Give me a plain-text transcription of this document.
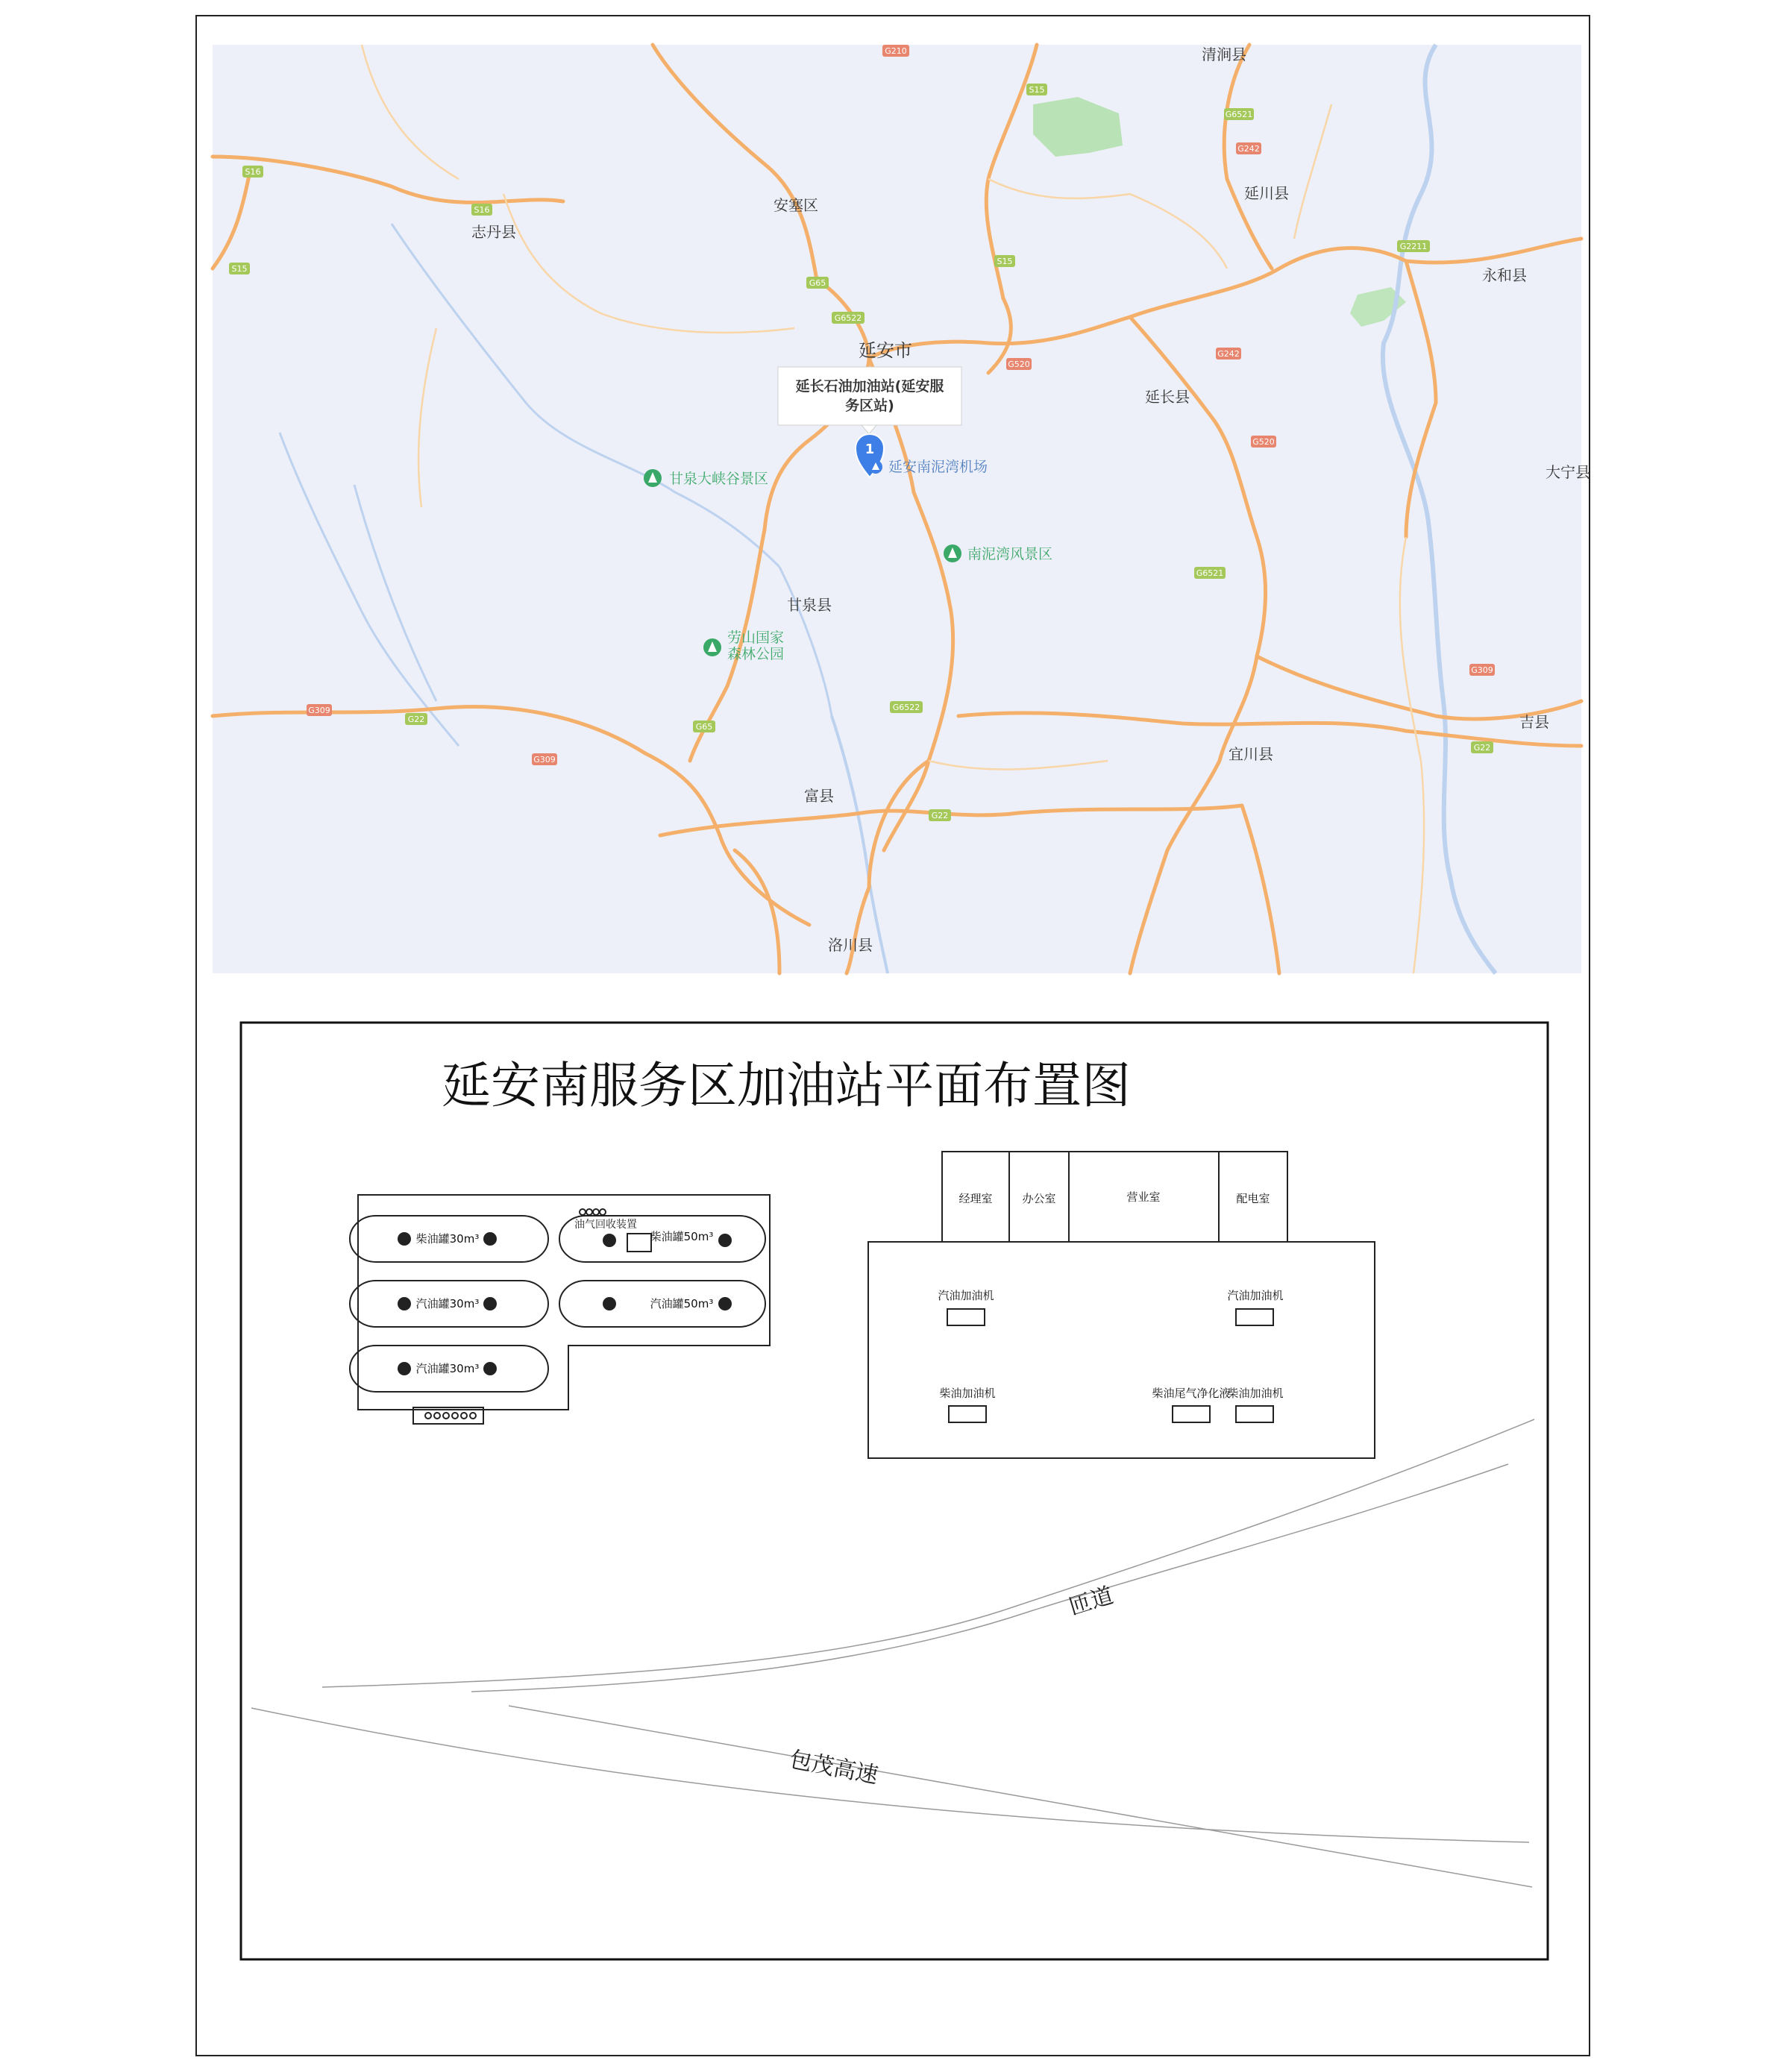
清涧县
安塞区
志丹县
延川县
永和县
延安市
延长县
大宁县
甘泉县
宜川县
吉县
富县
洛川县
G210
S15
G6521
G242
S16
S16
S15
G2211
S15
G65
G6522
G520
G242
G520
G6521
G309
G22
G65
G6522
G309
G309
G22
G22
甘泉大峡谷景区
南泥湾风景区
劳山国家
森林公园
延安南泥湾机场
延长石油加油站(延安服
务区站)
1
延安南服务区加油站平面布置图
油气回收装置
柴油罐30m³	柴油罐50m³
汽油罐30m³	汽油罐50m³
汽油罐30m³
经理室	办公室	营业室	配电室
汽油加油机	汽油加油机
柴油加油机	柴油尾气净化液
柴油加油机
匝道
包茂高速
